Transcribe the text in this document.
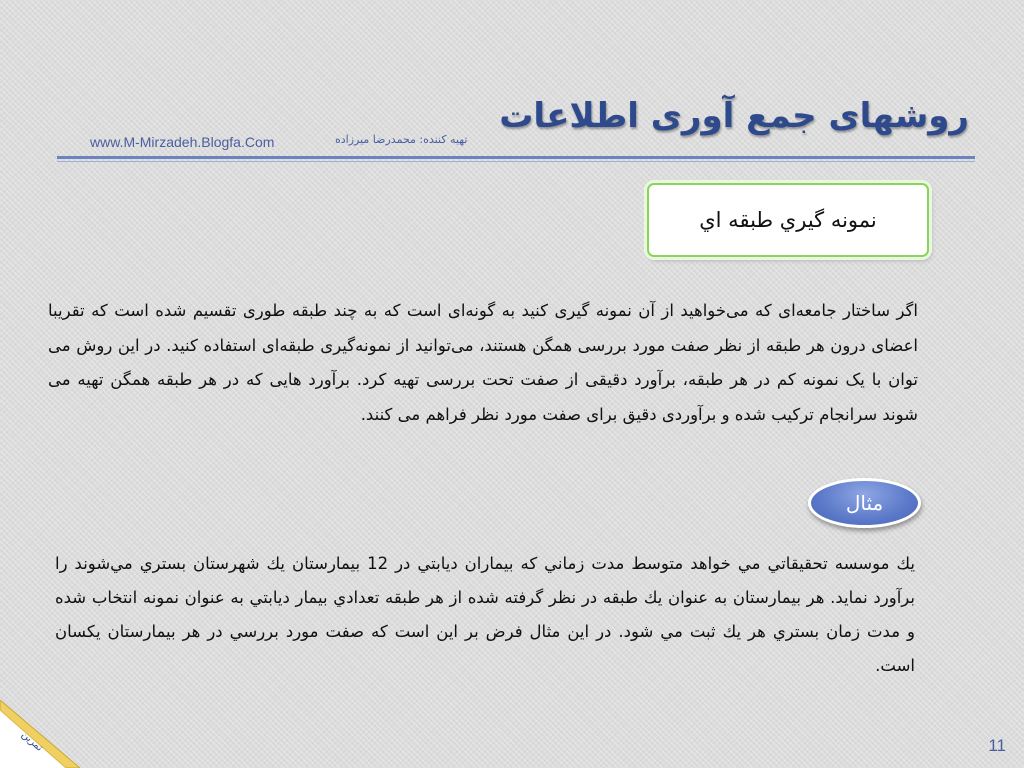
روشهای جمع آوری اطلاعات
تهیه کننده: محمدرضا میرزاده
www.M-Mirzadeh.Blogfa.Com
نمونه گيري طبقه اي

اگر ساختار جامعه‌ای که می‌خواهید از آن نمونه گیری کنید به گونه‌ای است که به چند طبقه طوری تقسیم شده است که تقریبا اعضای درون هر طبقه از نظر صفت مورد بررسی همگن هستند، می‌توانید از نمونه‌گیری طبقه‌ای استفاده کنید. در این روش می توان با یک نمونه کم در هر طبقه، برآورد دقیقی از صفت تحت بررسی تهیه کرد. برآورد هایی که در هر طبقه همگن تهیه می شوند سرانجام ترکیب شده و برآوردی دقیق برای صفت مورد نظر فراهم می کنند.

مثال

يك موسسه تحقيقاتي مي خواهد متوسط مدت زماني كه بيماران ديابتي در 12 بيمارستان يك شهرستان بستري مي‌شوند را برآورد نمايد. هر بيمارستان به عنوان يك طبقه در نظر گرفته شده از هر طبقه تعدادي بيمار ديابتي به عنوان نمونه انتخاب شده و مدت زمان بستري هر يك ثبت مي شود. در اين مثال فرض بر اين است كه صفت مورد بررسي در هر بيمارستان يكسان است.

تمرین	11
